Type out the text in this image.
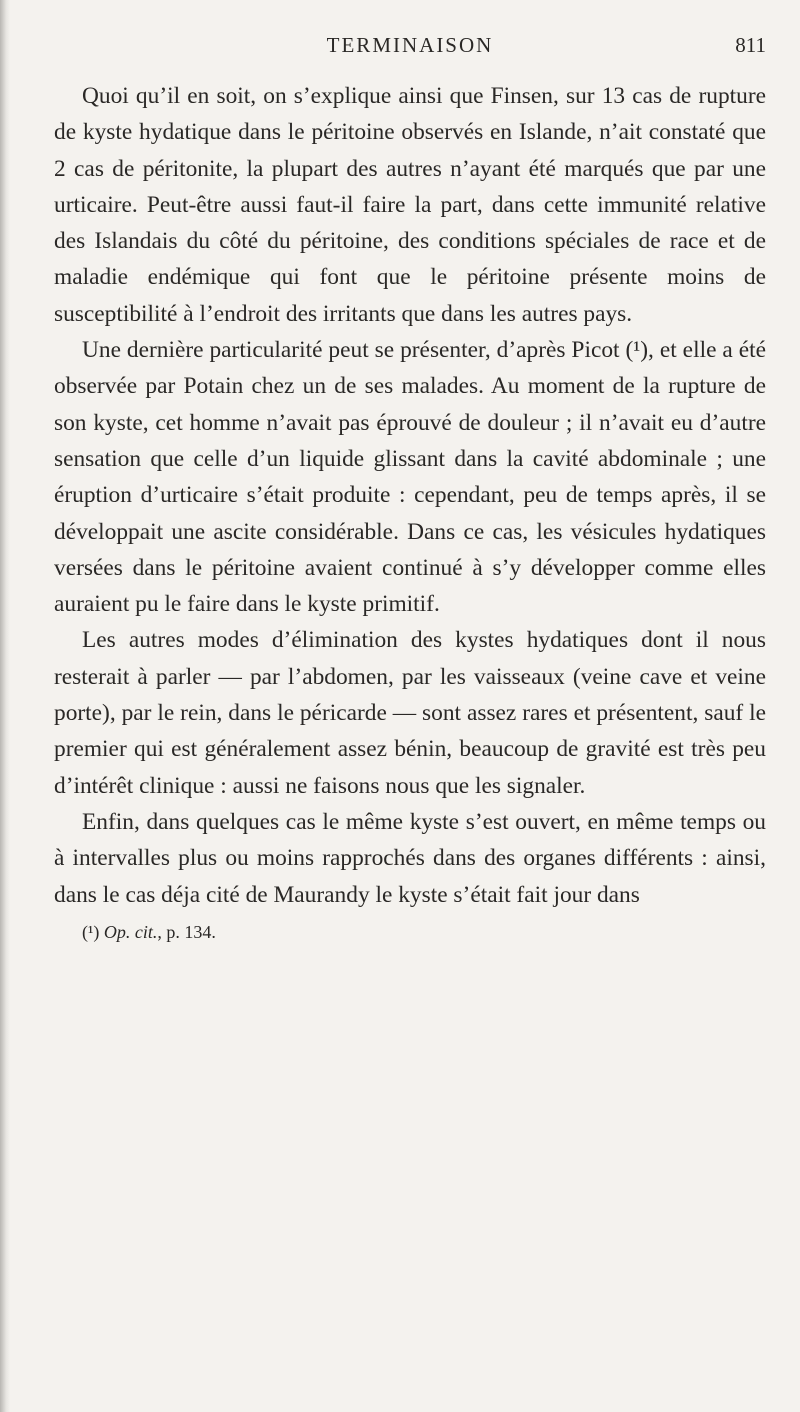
TERMINAISON	811

Quoi qu’il en soit, on s’explique ainsi que Finsen, sur 13 cas de rupture de kyste hydatique dans le péritoine observés en Islande, n’ait constaté que 2 cas de péritonite, la plupart des autres n’ayant été marqués que par une urticaire. Peut-être aussi faut-il faire la part, dans cette immunité relative des Islandais du côté du péritoine, des conditions spéciales de race et de maladie endémique qui font que le péritoine présente moins de susceptibilité à l’endroit des irritants que dans les autres pays.

Une dernière particularité peut se présenter, d’après Picot (¹), et elle a été observée par Potain chez un de ses malades. Au moment de la rupture de son kyste, cet homme n’avait pas éprouvé de douleur ; il n’avait eu d’autre sensation que celle d’un liquide glissant dans la cavité abdominale ; une éruption d’urticaire s’était produite : cependant, peu de temps après, il se développait une ascite considérable. Dans ce cas, les vésicules hydatiques versées dans le péritoine avaient continué à s’y développer comme elles auraient pu le faire dans le kyste primitif.

Les autres modes d’élimination des kystes hydatiques dont il nous resterait à parler — par l’abdomen, par les vaisseaux (veine cave et veine porte), par le rein, dans le péricarde — sont assez rares et présentent, sauf le premier qui est généralement assez bénin, beaucoup de gravité est très peu d’intérêt clinique : aussi ne faisons nous que les signaler.

Enfin, dans quelques cas le même kyste s’est ouvert, en même temps ou à intervalles plus ou moins rapprochés dans des organes différents : ainsi, dans le cas déja cité de Maurandy le kyste s’était fait jour dans

(¹) Op. cit., p. 134.
